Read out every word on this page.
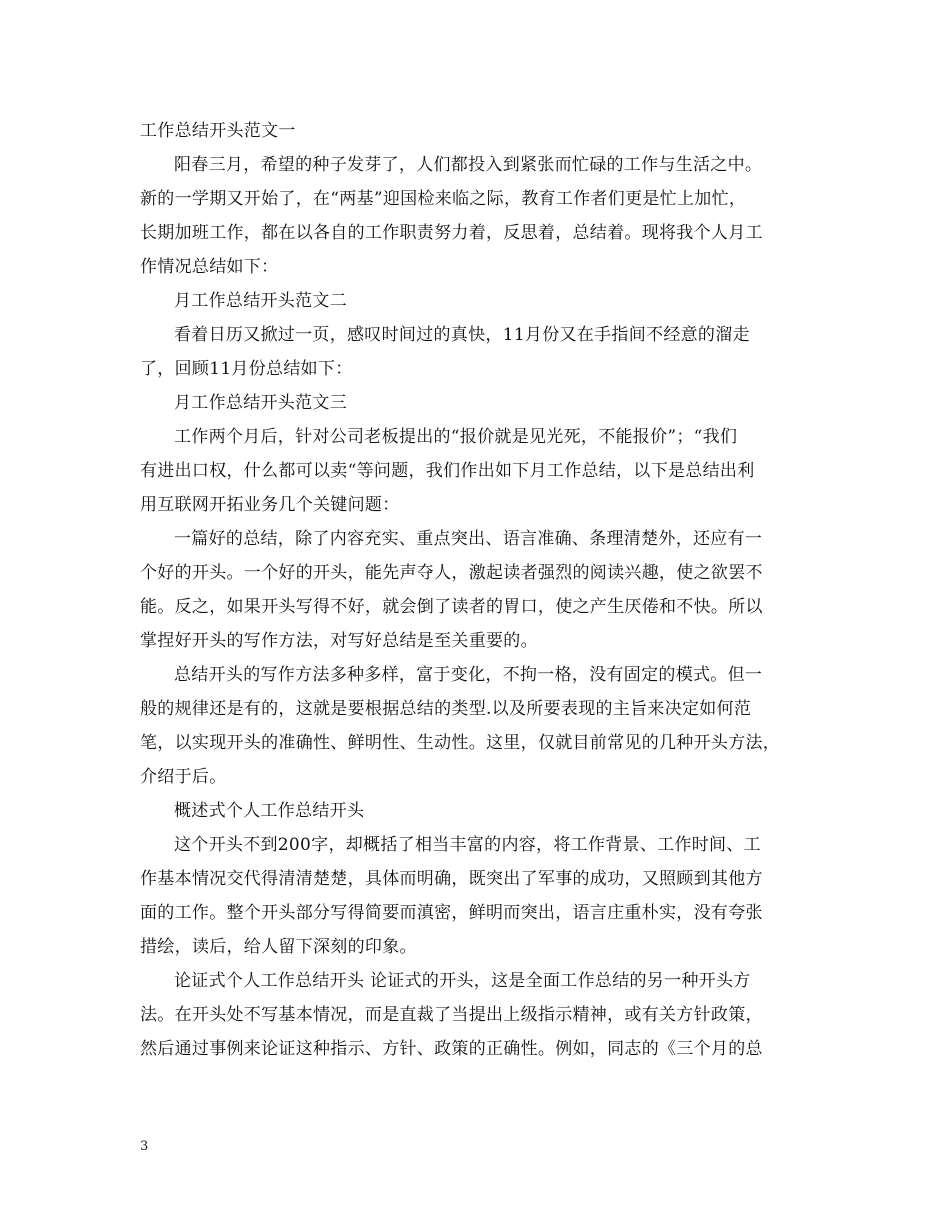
工作总结开头范文一
阳春三月，希望的种子发芽了，人们都投入到紧张而忙碌的工作与生活之中。
新的一学期又开始了，在“两基”迎国检来临之际，教育工作者们更是忙上加忙，
长期加班工作，都在以各自的工作职责努力着，反思着，总结着。现将我个人月工
作情况总结如下：
月工作总结开头范文二
看着日历又掀过一页，感叹时间过的真快，11月份又在手指间不经意的溜走
了，回顾11月份总结如下：
月工作总结开头范文三
工作两个月后，针对公司老板提出的“报价就是见光死，不能报价”；“我们
有进出口权，什么都可以卖“等问题，我们作出如下月工作总结，以下是总结出利
用互联网开拓业务几个关键问题：
一篇好的总结，除了内容充实、重点突出、语言准确、条理清楚外，还应有一
个好的开头。一个好的开头，能先声夺人，激起读者强烈的阅读兴趣，使之欲罢不
能。反之，如果开头写得不好，就会倒了读者的胃口，使之产生厌倦和不快。所以
掌捏好开头的写作方法，对写好总结是至关重要的。
总结开头的写作方法多种多样，富于变化，不拘一格，没有固定的模式。但一
般的规律还是有的，这就是要根据总结的类型.以及所要表现的主旨来决定如何范
笔，以实现开头的准确性、鲜明性、生动性。这里，仅就目前常见的几种开头方法，
介绍于后。
概述式个人工作总结开头
这个开头不到200字，却概括了相当丰富的内容，将工作背景、工作时间、工
作基本情况交代得清清楚楚，具体而明确，既突出了军事的成功，又照顾到其他方
面的工作。整个开头部分写得简要而滇密，鲜明而突出，语言庄重朴实，没有夸张
措绘，读后，给人留下深刻的印象。
论证式个人工作总结开头 论证式的开头，这是全面工作总结的另一种开头方
法。在开头处不写基本情况，而是直裁了当提出上级指示精神，或有关方针政策，
然后通过事例来论证这种指示、方针、政策的正确性。例如，同志的《三个月的总
3
